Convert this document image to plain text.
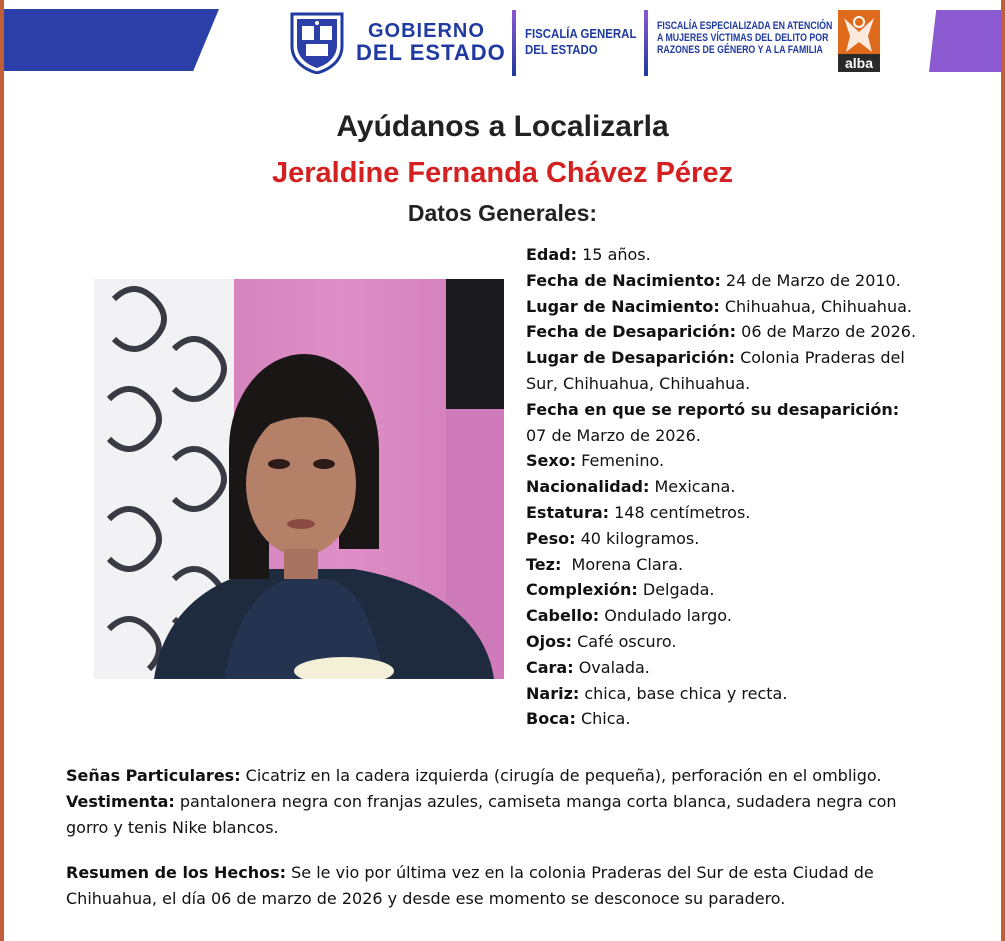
GOBIERNO
DEL ESTADO
FISCALÍA GENERAL
DEL ESTADO
FISCALÍA ESPECIALIZADA EN ATENCIÓN
A MUJERES VÍCTIMAS DEL DELITO POR
RAZONES DE GÉNERO Y A LA FAMILIA
alba
Ayúdanos a Localizarla
Jeraldine Fernanda Chávez Pérez
Datos Generales:
Edad: 15 años.
Fecha de Nacimiento: 24 de Marzo de 2010.
Lugar de Nacimiento: Chihuahua, Chihuahua.
Fecha de Desaparición: 06 de Marzo de 2026.
Lugar de Desaparición: Colonia Praderas del Sur, Chihuahua, Chihuahua.
Fecha en que se reportó su desaparición: 07 de Marzo de 2026.
Sexo: Femenino.
Nacionalidad: Mexicana.
Estatura: 148 centímetros.
Peso: 40 kilogramos.
Tez:  Morena Clara.
Complexión: Delgada.
Cabello: Ondulado largo.
Ojos: Café oscuro.
Cara: Ovalada.
Nariz: chica, base chica y recta.
Boca: Chica.
Señas Particulares: Cicatriz en la cadera izquierda (cirugía de pequeña), perforación en el ombligo.
Vestimenta: pantalonera negra con franjas azules, camiseta manga corta blanca, sudadera negra con gorro y tenis Nike blancos.
Resumen de los Hechos: Se le vio por última vez en la colonia Praderas del Sur de esta Ciudad de Chihuahua, el día 06 de marzo de 2026 y desde ese momento se desconoce su paradero.
